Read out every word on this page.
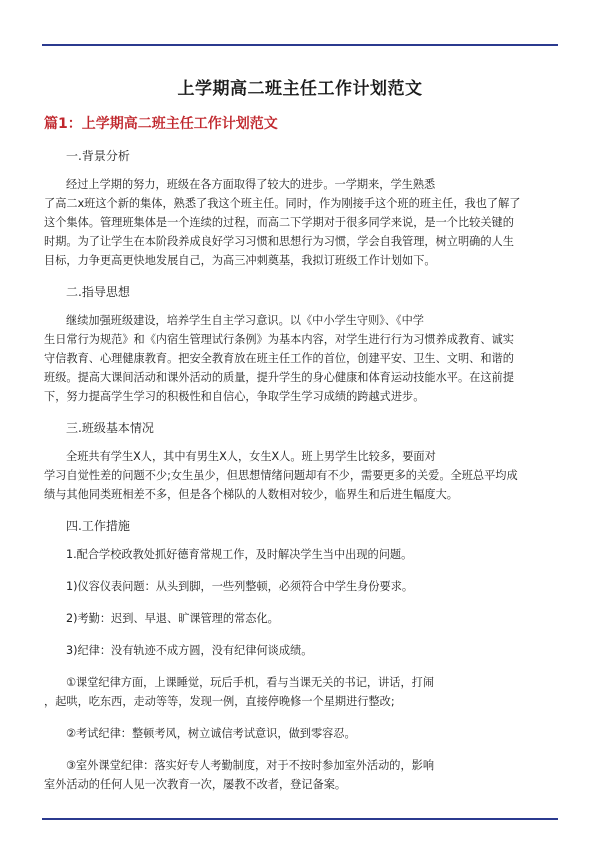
上学期高二班主任工作计划范文
篇1：上学期高二班主任工作计划范文
一.背景分析
经过上学期的努力，班级在各方面取得了较大的进步。一学期来，学生熟悉
了高二x班这个新的集体，熟悉了我这个班主任。同时，作为刚接手这个班的班主任，我也了解了
这个集体。管理班集体是一个连续的过程，而高二下学期对于很多同学来说，是一个比较关键的
时期。为了让学生在本阶段养成良好学习习惯和思想行为习惯，学会自我管理，树立明确的人生
目标，力争更高更快地发展自己，为高三冲刺奠基，我拟订班级工作计划如下。
二.指导思想
继续加强班级建设，培养学生自主学习意识。以《中小学生守则》、《中学
生日常行为规范》和《内宿生管理试行条例》为基本内容，对学生进行行为习惯养成教育、诚实
守信教育、心理健康教育。把安全教育放在班主任工作的首位，创建平安、卫生、文明、和谐的
班级。提高大课间活动和课外活动的质量，提升学生的身心健康和体育运动技能水平。在这前提
下，努力提高学生学习的积极性和自信心，争取学生学习成绩的跨越式进步。
三.班级基本情况
全班共有学生X人，其中有男生X人，女生X人。班上男学生比较多，要面对
学习自觉性差的问题不少;女生虽少，但思想情绪问题却有不少，需要更多的关爱。全班总平均成
绩与其他同类班相差不多，但是各个梯队的人数相对较少，临界生和后进生幅度大。
四.工作措施
1.配合学校政教处抓好德育常规工作，及时解决学生当中出现的问题。
1)仪容仪表问题：从头到脚，一些列整顿，必须符合中学生身份要求。
2)考勤：迟到、早退、旷课管理的常态化。
3)纪律：没有轨迹不成方圆，没有纪律何谈成绩。
①课堂纪律方面，上课睡觉，玩后手机，看与当课无关的书记，讲话，打闹
，起哄，吃东西，走动等等，发现一例，直接停晚修一个星期进行整改;
②考试纪律：整顿考风，树立诚信考试意识，做到零容忍。
③室外课堂纪律：落实好专人考勤制度，对于不按时参加室外活动的，影响
室外活动的任何人见一次教育一次，屡教不改者，登记备案。
